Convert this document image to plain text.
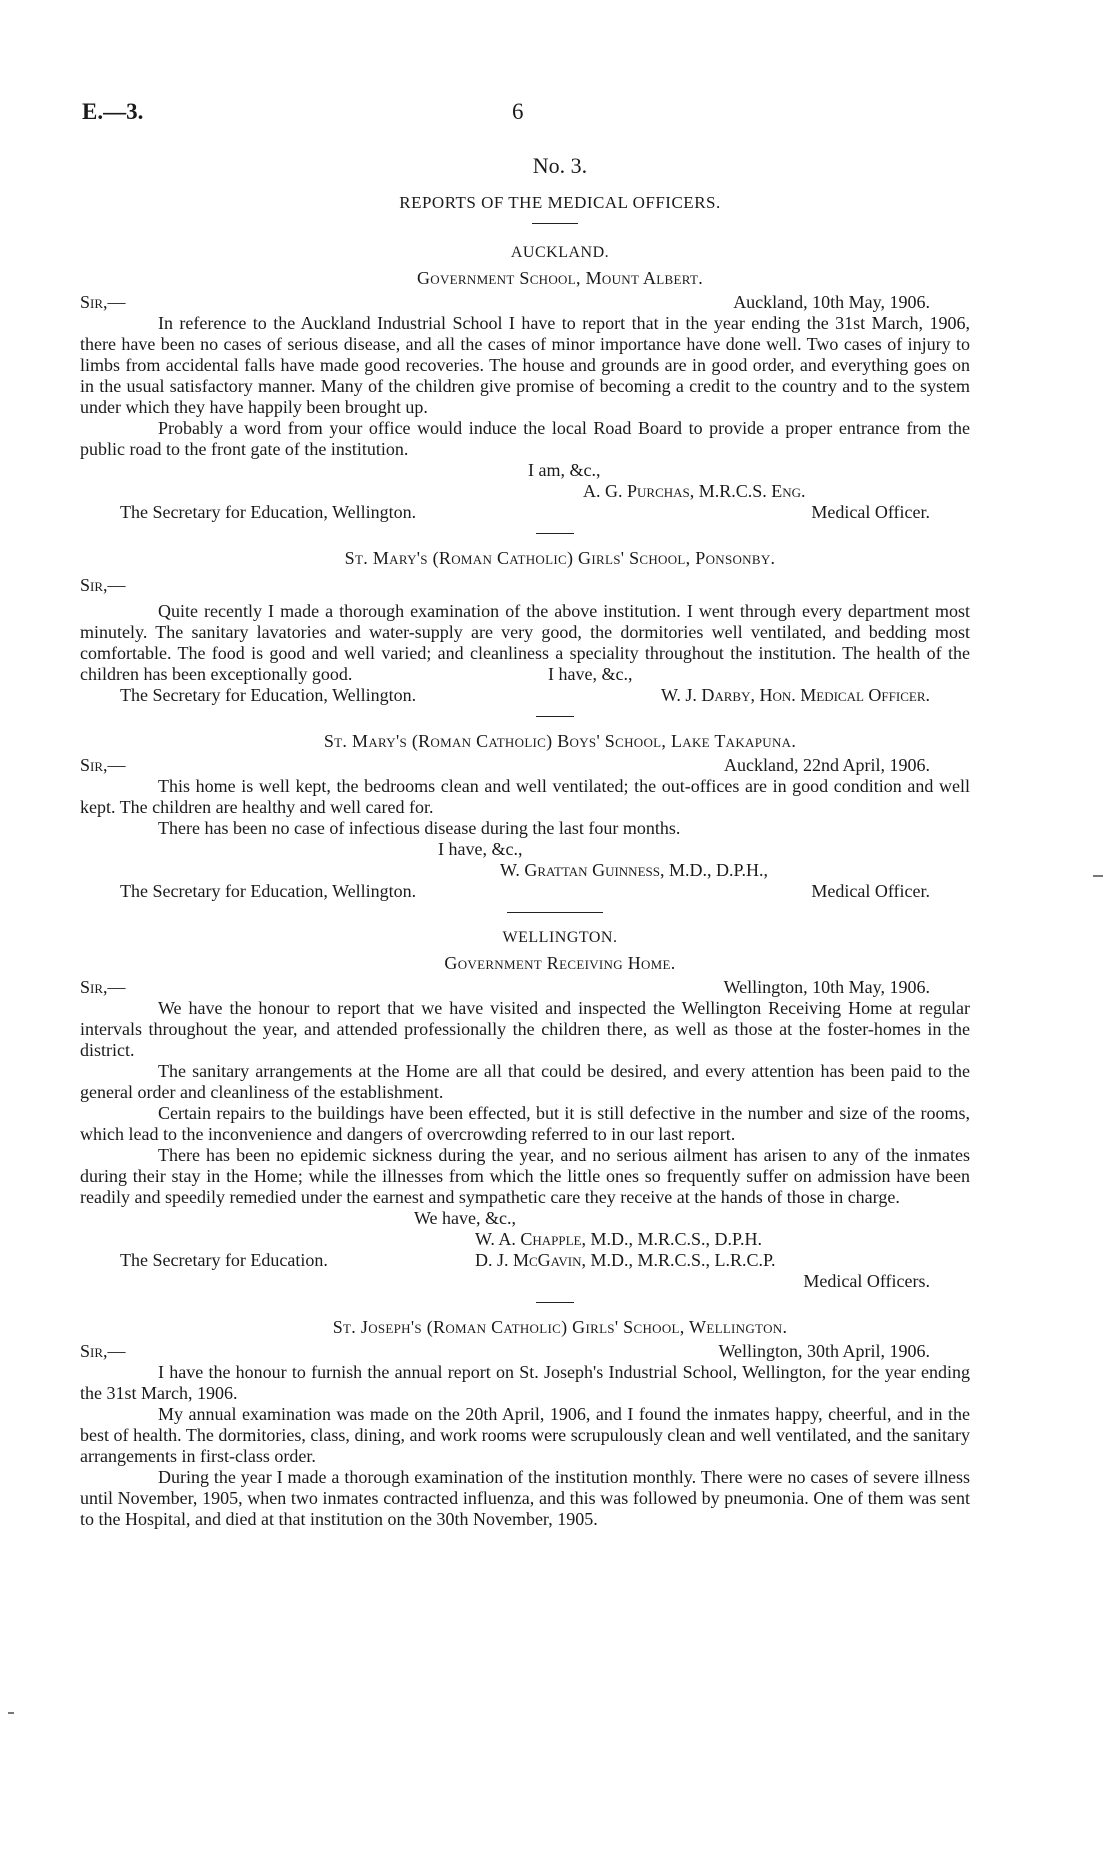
E.—3.	6
No. 3.
REPORTS OF THE MEDICAL OFFICERS.
AUCKLAND.
Government School, Mount Albert.
Sir,—	Auckland, 10th May, 1906.

In reference to the Auckland Industrial School I have to report that in the year ending the 31st March, 1906, there have been no cases of serious disease, and all the cases of minor importance have done well. Two cases of injury to limbs from accidental falls have made good recoveries. The house and grounds are in good order, and everything goes on in the usual satisfactory manner. Many of the children give promise of becoming a credit to the country and to the system under which they have happily been brought up.

Probably a word from your office would induce the local Road Board to provide a proper entrance from the public road to the front gate of the institution.

I am, &c.,
A. G. Purchas, M.R.C.S. Eng.
The Secretary for Education, Wellington.	Medical Officer.
St. Mary's (Roman Catholic) Girls' School, Ponsonby.
Sir,—

Quite recently I made a thorough examination of the above institution. I went through every department most minutely. The sanitary lavatories and water-supply are very good, the dormitories well ventilated, and bedding most comfortable. The food is good and well varied; and cleanliness a speciality throughout the institution. The health of the children has been exceptionally good.	I have, &c.,
The Secretary for Education, Wellington.	W. J. Darby, Hon. Medical Officer.
St. Mary's (Roman Catholic) Boys' School, Lake Takapuna.
Sir,—	Auckland, 22nd April, 1906.

This home is well kept, the bedrooms clean and well ventilated; the out-offices are in good condition and well kept. The children are healthy and well cared for.

There has been no case of infectious disease during the last four months.

I have, &c.,
W. Grattan Guinness, M.D., D.P.H.,
The Secretary for Education, Wellington.	Medical Officer.
WELLINGTON.
Government Receiving Home.
Sir,—	Wellington, 10th May, 1906.

We have the honour to report that we have visited and inspected the Wellington Receiving Home at regular intervals throughout the year, and attended professionally the children there, as well as those at the foster-homes in the district.

The sanitary arrangements at the Home are all that could be desired, and every attention has been paid to the general order and cleanliness of the establishment.

Certain repairs to the buildings have been effected, but it is still defective in the number and size of the rooms, which lead to the inconvenience and dangers of overcrowding referred to in our last report.

There has been no epidemic sickness during the year, and no serious ailment has arisen to any of the inmates during their stay in the Home; while the illnesses from which the little ones so frequently suffer on admission have been readily and speedily remedied under the earnest and sympathetic care they receive at the hands of those in charge.

We have, &c.,
W. A. Chapple, M.D., M.R.C.S., D.P.H.
The Secretary for Education.	D. J. McGavin, M.D., M.R.C.S., L.R.C.P.
Medical Officers.
St. Joseph's (Roman Catholic) Girls' School, Wellington.
Sir,—	Wellington, 30th April, 1906.

I have the honour to furnish the annual report on St. Joseph's Industrial School, Wellington, for the year ending the 31st March, 1906.

My annual examination was made on the 20th April, 1906, and I found the inmates happy, cheerful, and in the best of health. The dormitories, class, dining, and work rooms were scrupulously clean and well ventilated, and the sanitary arrangements in first-class order.

During the year I made a thorough examination of the institution monthly. There were no cases of severe illness until November, 1905, when two inmates contracted influenza, and this was followed by pneumonia. One of them was sent to the Hospital, and died at that institution on the 30th November, 1905.
